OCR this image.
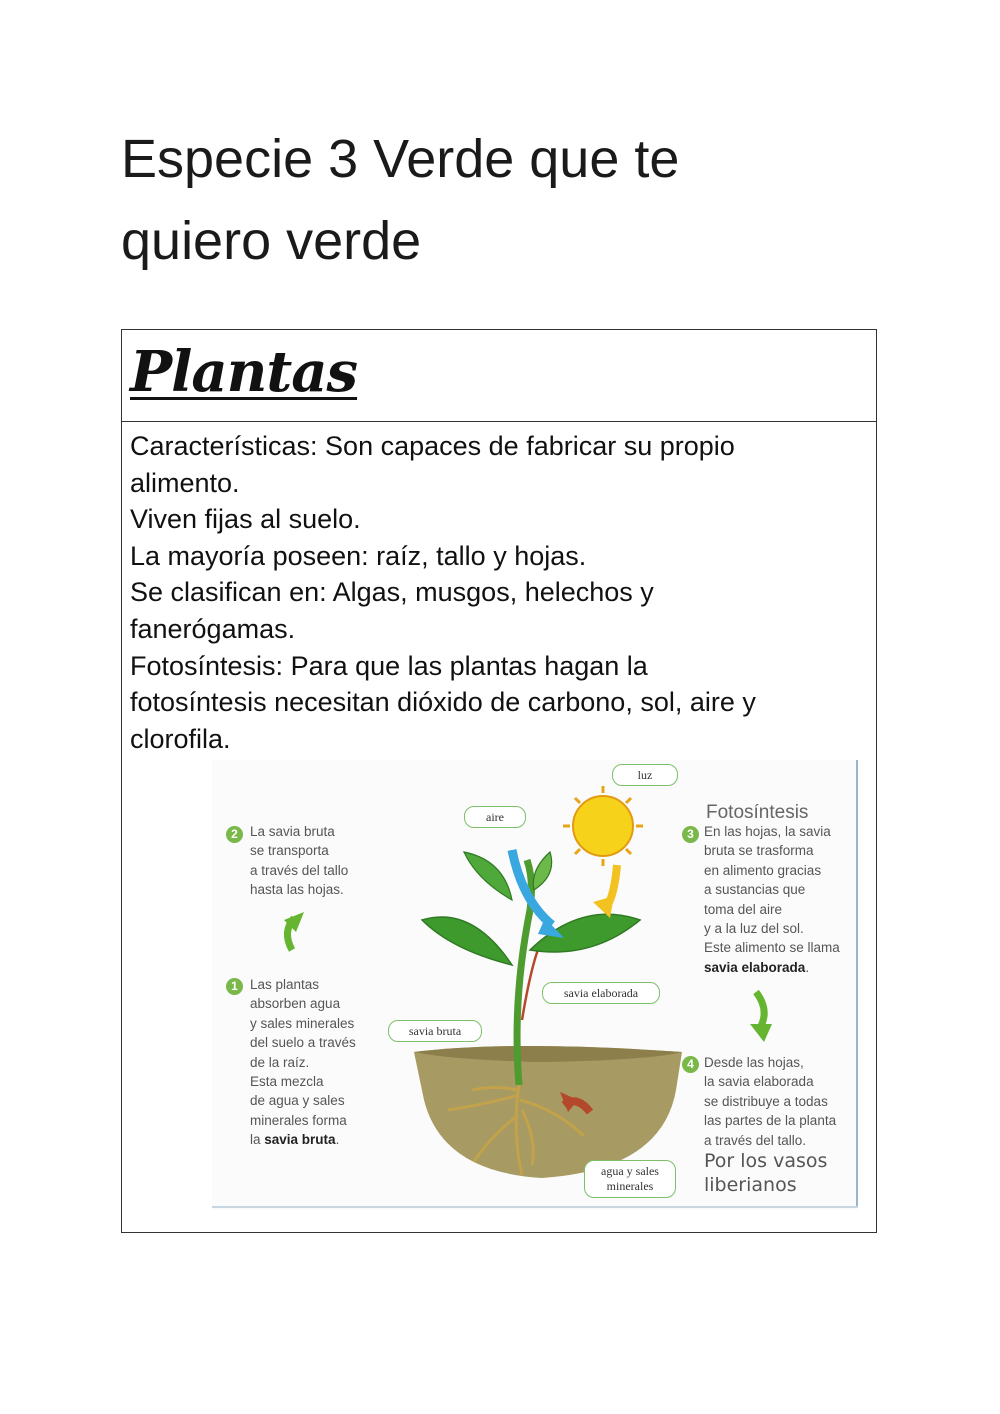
Especie 3 Verde que te
quiero verde
Plantas

Características: Son capaces de fabricar su propio

alimento.

Viven fijas al suelo.

La mayoría poseen: raíz, tallo y hojas.

Se clasifican en: Algas, musgos, helechos y

fanerógamas.

Fotosíntesis: Para que las plantas hagan la

fotosíntesis necesitan dióxido de carbono, sol, aire y

clorofila.

luz
aire
savia elaborada
savia bruta
agua y sales
minerales
2 La savia bruta
se transporta
a través del tallo
hasta las hojas.
1 Las plantas
absorben agua
y sales minerales
del suelo a través
de la raíz.
Esta mezcla
de agua y sales
minerales forma
la savia bruta.
Fotosíntesis
3 En las hojas, la savia
bruta se trasforma
en alimento gracias
a sustancias que
toma del aire
y a la luz del sol.
Este alimento se llama
savia elaborada.
4 Desde las hojas,
la savia elaborada
se distribuye a todas
las partes de la planta
a través del tallo.
Por los vasos
liberianos
